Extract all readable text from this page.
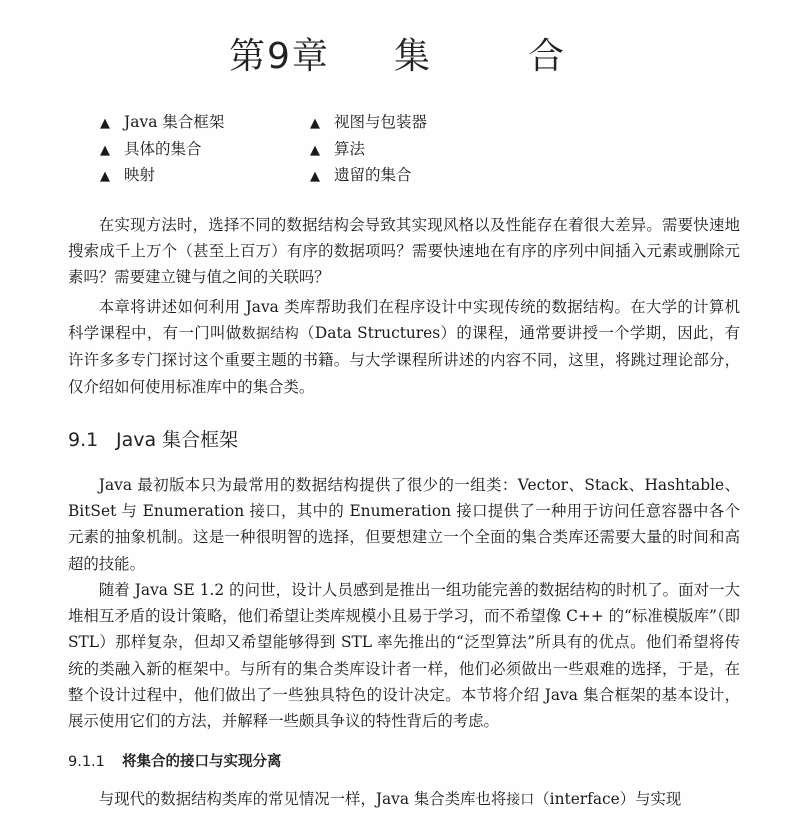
第9章 集	合
▲ Java 集合框架
▲ 具体的集合
▲ 映射
▲ 视图与包装器
▲ 算法
▲ 遗留的集合

在实现方法时，选择不同的数据结构会导致其实现风格以及性能存在着很大差异。需要快速地搜索成千上万个（甚至上百万）有序的数据项吗？需要快速地在有序的序列中间插入元素或删除元素吗？需要建立键与值之间的关联吗？

本章将讲述如何利用 Java 类库帮助我们在程序设计中实现传统的数据结构。在大学的计算机科学课程中，有一门叫做数据结构（Data Structures）的课程，通常要讲授一个学期，因此，有许许多多专门探讨这个重要主题的书籍。与大学课程所讲述的内容不同，这里，将跳过理论部分，仅介绍如何使用标准库中的集合类。

9.1 Java 集合框架

Java 最初版本只为最常用的数据结构提供了很少的一组类：Vector、Stack、Hashtable、BitSet 与 Enumeration 接口，其中的 Enumeration 接口提供了一种用于访问任意容器中各个元素的抽象机制。这是一种很明智的选择，但要想建立一个全面的集合类库还需要大量的时间和高超的技能。

随着 Java SE 1.2 的问世，设计人员感到是推出一组功能完善的数据结构的时机了。面对一大堆相互矛盾的设计策略，他们希望让类库规模小且易于学习，而不希望像 C++ 的“标准模版库”（即 STL）那样复杂，但却又希望能够得到 STL 率先推出的“泛型算法”所具有的优点。他们希望将传统的类融入新的框架中。与所有的集合类库设计者一样，他们必须做出一些艰难的选择，于是，在整个设计过程中，他们做出了一些独具特色的设计决定。本节将介绍 Java 集合框架的基本设计，展示使用它们的方法，并解释一些颇具争议的特性背后的考虑。

9.1.1 将集合的接口与实现分离

与现代的数据结构类库的常见情况一样，Java 集合类库也将接口（interface）与实现
